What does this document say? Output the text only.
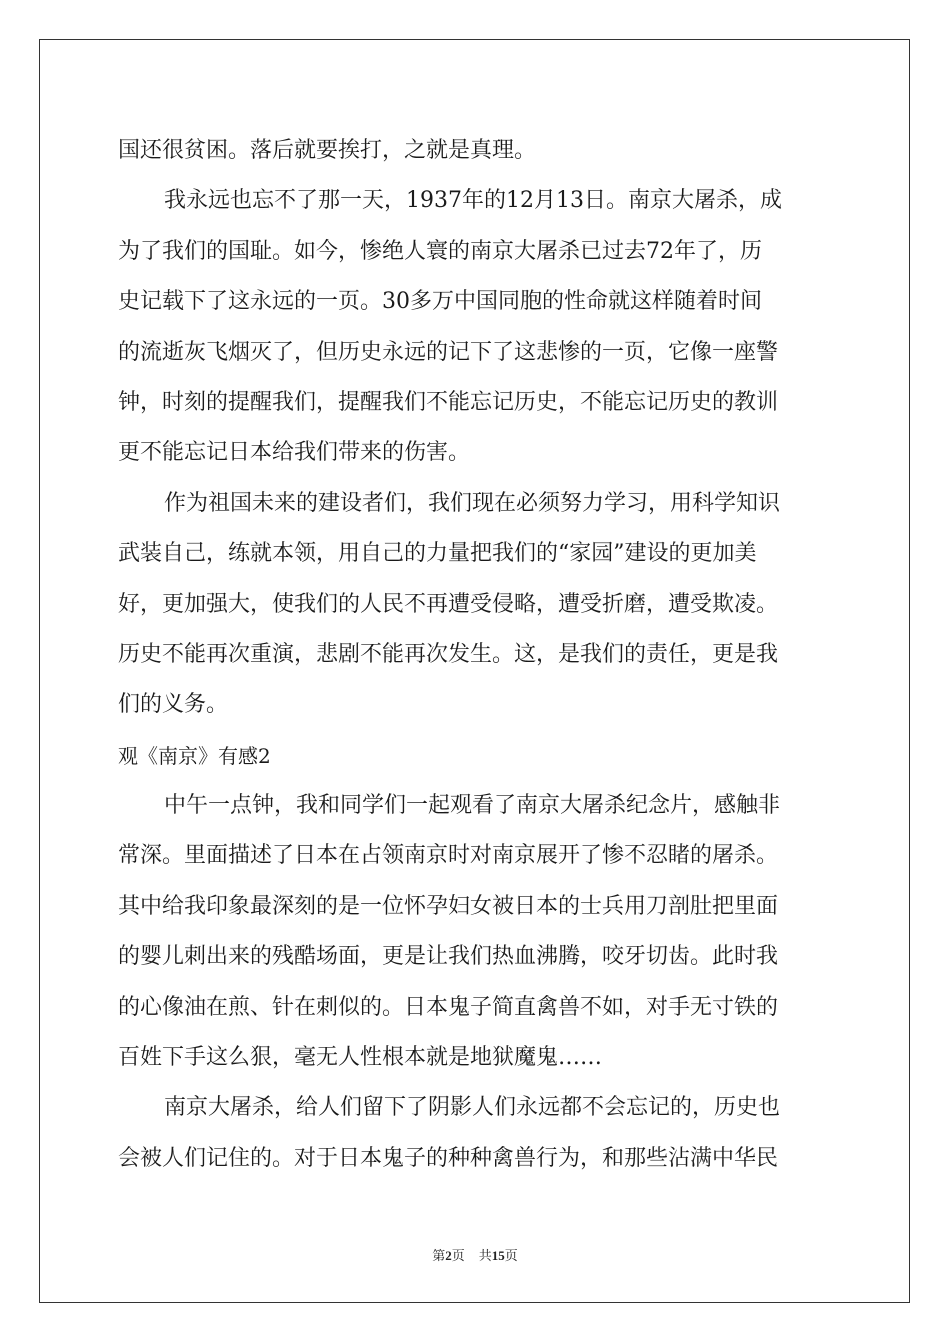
国还很贫困。落后就要挨打，之就是真理。
我永远也忘不了那一天，1937年的12月13日。南京大屠杀，成
为了我们的国耻。如今，惨绝人寰的南京大屠杀已过去72年了，历
史记载下了这永远的一页。30多万中国同胞的性命就这样随着时间
的流逝灰飞烟灭了，但历史永远的记下了这悲惨的一页，它像一座警
钟，时刻的提醒我们，提醒我们不能忘记历史，不能忘记历史的教训
更不能忘记日本给我们带来的伤害。
作为祖国未来的建设者们，我们现在必须努力学习，用科学知识
武装自己，练就本领，用自己的力量把我们的“家园”建设的更加美
好，更加强大，使我们的人民不再遭受侵略，遭受折磨，遭受欺凌。
历史不能再次重演，悲剧不能再次发生。这，是我们的责任，更是我
们的义务。
观《南京》有感2
中午一点钟，我和同学们一起观看了南京大屠杀纪念片，感触非
常深。里面描述了日本在占领南京时对南京展开了惨不忍睹的屠杀。
其中给我印象最深刻的是一位怀孕妇女被日本的士兵用刀剖肚把里面
的婴儿刺出来的残酷场面，更是让我们热血沸腾，咬牙切齿。此时我
的心像油在煎、针在刺似的。日本鬼子简直禽兽不如，对手无寸铁的
百姓下手这么狠，毫无人性根本就是地狱魔鬼……
南京大屠杀，给人们留下了阴影人们永远都不会忘记的，历史也
会被人们记住的。对于日本鬼子的种种禽兽行为，和那些沾满中华民
第2页 共15页
